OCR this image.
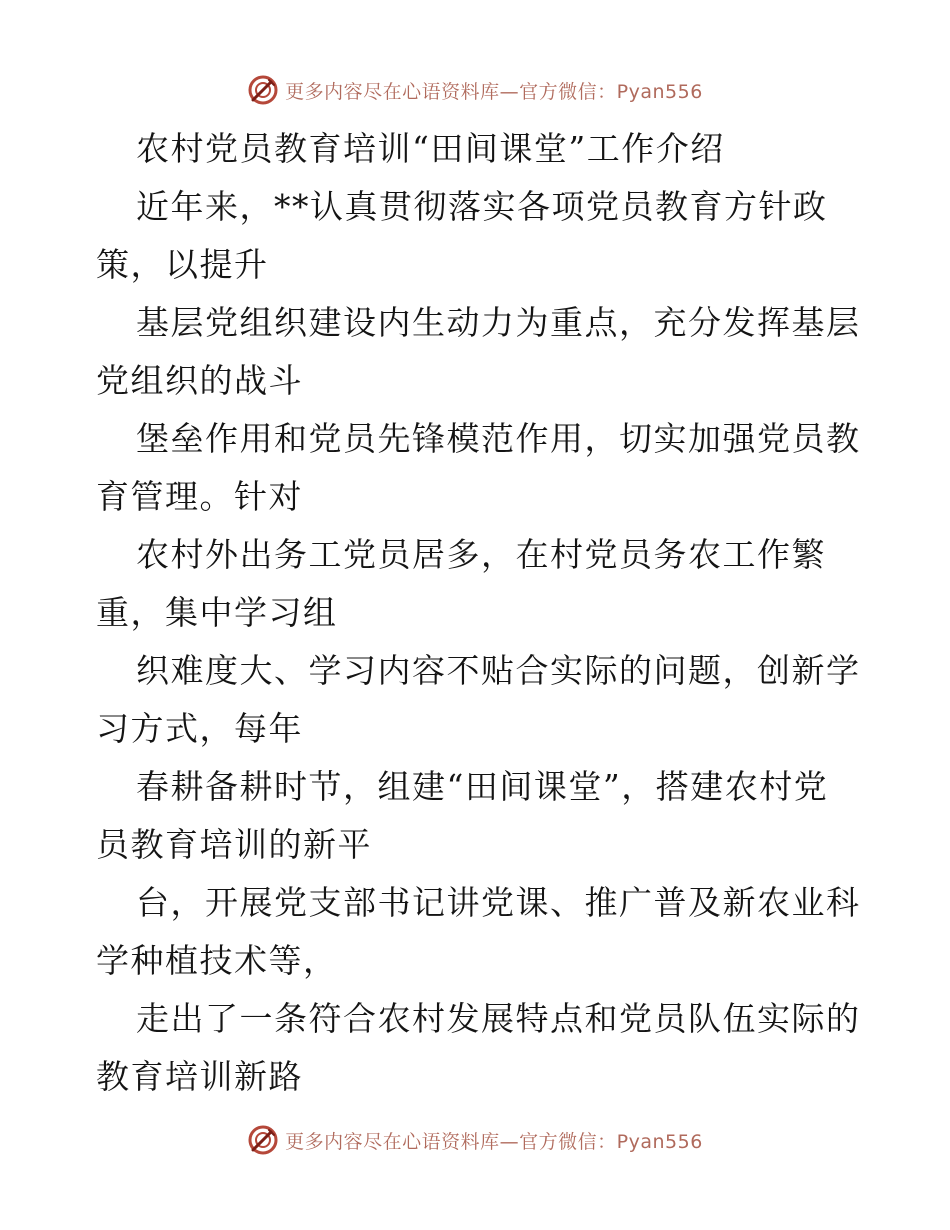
更多内容尽在心语资料库—官方微信：Pyan556
农村党员教育培训“田间课堂”工作介绍
近年来，**认真贯彻落实各项党员教育方针政
策，以提升
基层党组织建设内生动力为重点，充分发挥基层
党组织的战斗
堡垒作用和党员先锋模范作用，切实加强党员教
育管理。针对
农村外出务工党员居多，在村党员务农工作繁
重，集中学习组
织难度大、学习内容不贴合实际的问题，创新学
习方式，每年
春耕备耕时节，组建“田间课堂”，搭建农村党
员教育培训的新平
台，开展党支部书记讲党课、推广普及新农业科
学种植技术等，
走出了一条符合农村发展特点和党员队伍实际的
教育培训新路
更多内容尽在心语资料库—官方微信：Pyan556
